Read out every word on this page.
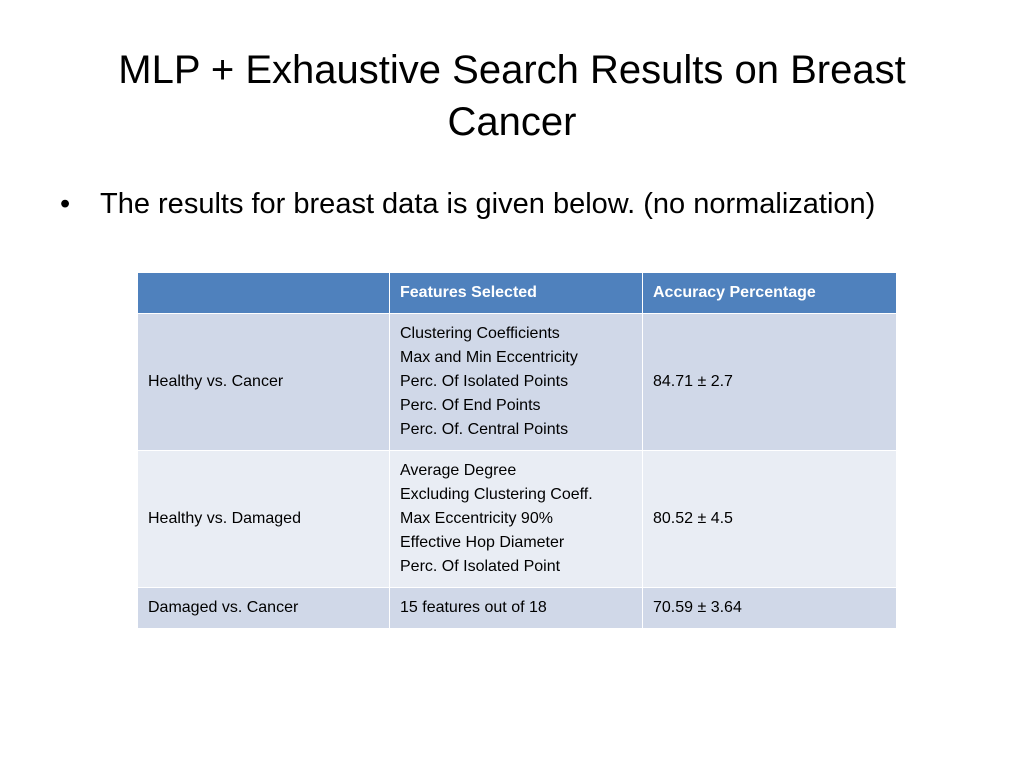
MLP + Exhaustive Search Results on Breast Cancer
•	The results for breast data is given below. (no normalization)
	Features Selected	Accuracy Percentage
Healthy vs. Cancer	Clustering Coefficients
Max and Min Eccentricity
Perc. Of Isolated Points
Perc. Of End Points
Perc. Of. Central Points	84.71 ± 2.7
Healthy vs. Damaged	Average Degree
Excluding Clustering Coeff.
Max Eccentricity 90%
Effective Hop Diameter
Perc. Of Isolated Point	80.52 ± 4.5
Damaged vs. Cancer	15 features out of 18	70.59 ± 3.64
